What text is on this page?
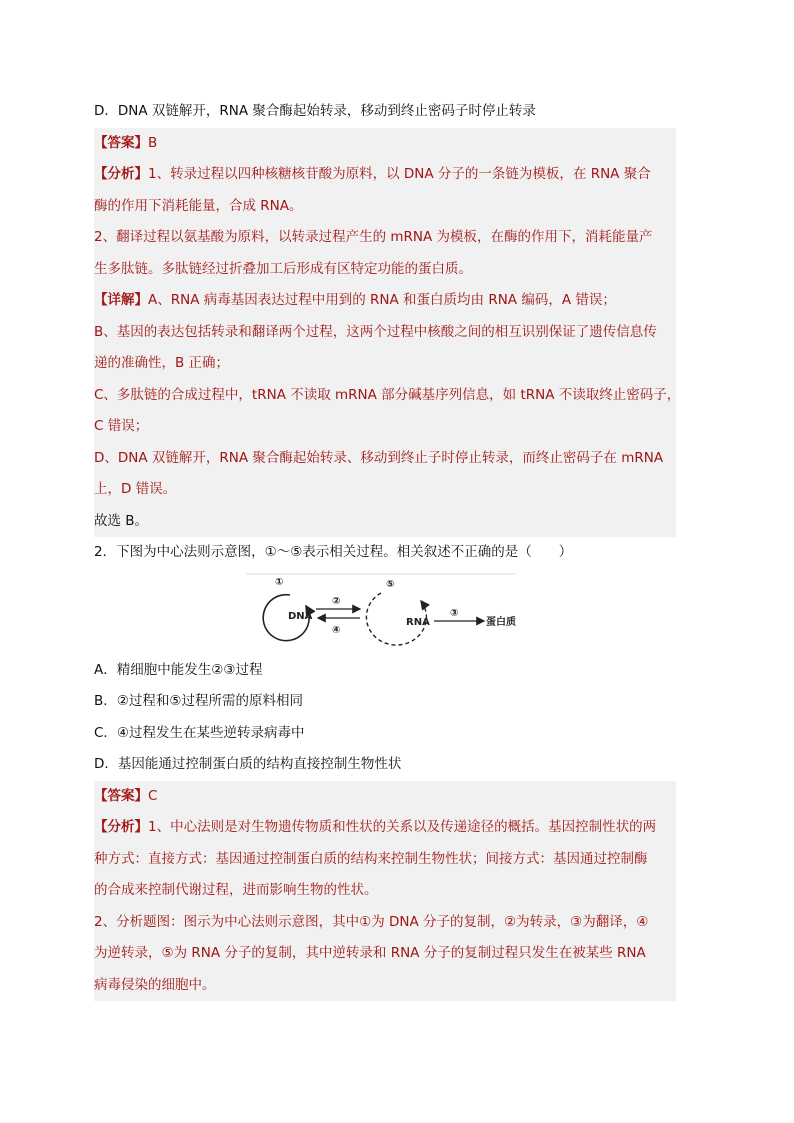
D．DNA 双链解开，RNA 聚合酶起始转录，移动到终止密码子时停止转录
【答案】B
【分析】1、转录过程以四种核糖核苷酸为原料，以 DNA 分子的一条链为模板，在 RNA 聚合
酶的作用下消耗能量，合成 RNA。
2、翻译过程以氨基酸为原料，以转录过程产生的 mRNA 为模板，在酶的作用下，消耗能量产
生多肽链。多肽链经过折叠加工后形成有区特定功能的蛋白质。
【详解】A、RNA 病毒基因表达过程中用到的 RNA 和蛋白质均由 RNA 编码，A 错误；
B、基因的表达包括转录和翻译两个过程，这两个过程中核酸之间的相互识别保证了遗传信息传
递的准确性，B 正确；
C、多肽链的合成过程中，tRNA 不读取 mRNA 部分碱基序列信息，如 tRNA 不读取终止密码子，
C 错误；
D、DNA 双链解开，RNA 聚合酶起始转录、移动到终止子时停止转录，而终止密码子在 mRNA
上，D 错误。
故选 B。
2．下图为中心法则示意图，①～⑤表示相关过程。相关叙述不正确的是（　　）
①
DNA
②
④
⑤
RNA
③
蛋白质
A．精细胞中能发生②③过程
B．②过程和⑤过程所需的原料相同
C．④过程发生在某些逆转录病毒中
D．基因能通过控制蛋白质的结构直接控制生物性状
【答案】C
【分析】1、中心法则是对生物遗传物质和性状的关系以及传递途径的概括。基因控制性状的两
种方式：直接方式：基因通过控制蛋白质的结构来控制生物性状；间接方式：基因通过控制酶
的合成来控制代谢过程，进而影响生物的性状。
2、分析题图：图示为中心法则示意图，其中①为 DNA 分子的复制，②为转录，③为翻译，④
为逆转录，⑤为 RNA 分子的复制，其中逆转录和 RNA 分子的复制过程只发生在被某些 RNA
病毒侵染的细胞中。
